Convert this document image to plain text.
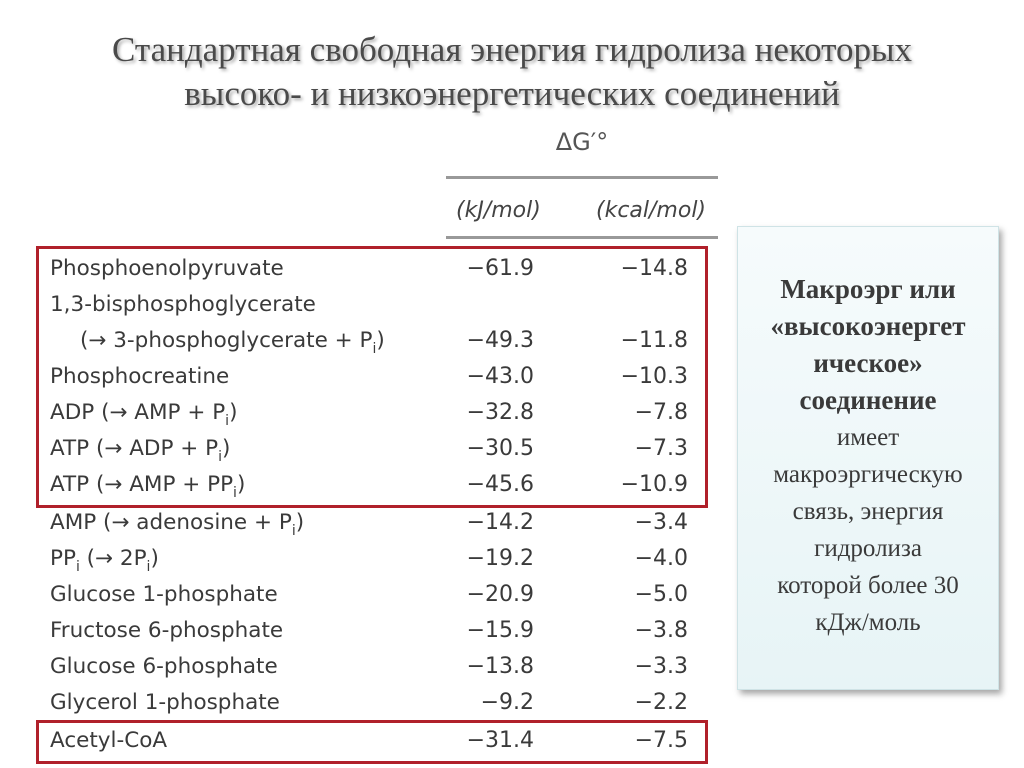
Стандартная свободная энергия гидролиза некоторых
высоко- и низкоэнергетических соединений
ΔG′°
(kJ/mol)	(kcal/mol)
Phosphoenolpyruvate	−61.9	−14.8
1,3-bisphosphoglycerate
(→ 3-phosphoglycerate + $P_i$)	−49.3	−11.8
Phosphocreatine	−43.0	−10.3
ADP (→ AMP + $P_i$)	−32.8	−7.8
ATP (→ ADP + $P_i$)	−30.5	−7.3
ATP (→ AMP + $PP_i$)	−45.6	−10.9
AMP (→ adenosine + $P_i$)	−14.2	−3.4
$PP_i$ (→ $2P_i$)	−19.2	−4.0
Glucose 1-phosphate	−20.9	−5.0
Fructose 6-phosphate	−15.9	−3.8
Glucose 6-phosphate	−13.8	−3.3
Glycerol 1-phosphate	−9.2	−2.2
Acetyl-CoA	−31.4	−7.5
Макроэрг или
«высокоэнергет
ическое»
соединение
имеет
макроэргическую
связь, энергия
гидролиза
которой более 30
кДж/моль
